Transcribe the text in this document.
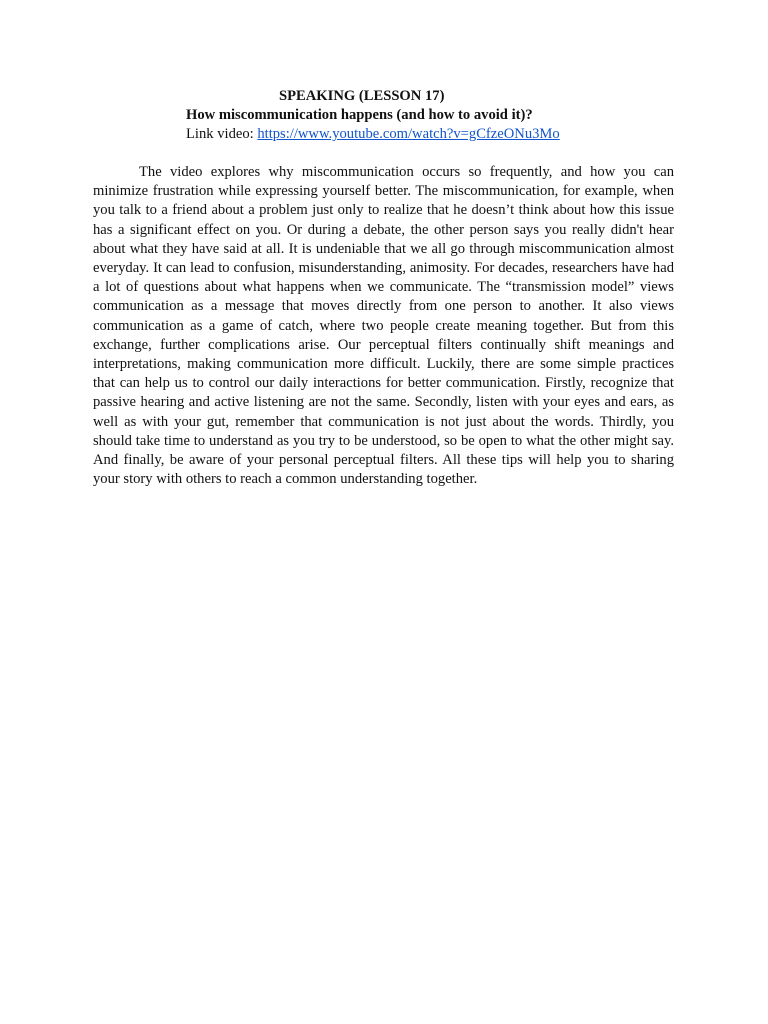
SPEAKING (LESSON 17)
How miscommunication happens (and how to avoid it)?
Link video: https://www.youtube.com/watch?v=gCfzeONu3Mo

The video explores why miscommunication occurs so frequently, and how you can minimize frustration while expressing yourself better. The miscommunication, for example, when you talk to a friend about a problem just only to realize that he doesn’t think about how this issue has a significant effect on you. Or during a debate, the other person says you really didn't hear about what they have said at all. It is undeniable that we all go through miscommunication almost everyday. It can lead to confusion, misunderstanding, animosity. For decades, researchers have had a lot of questions about what happens when we communicate. The “transmission model” views communication as a message that moves directly from one person to another. It also views communication as a game of catch, where two people create meaning together. But from this exchange, further complications arise. Our perceptual filters continually shift meanings and interpretations, making communication more difficult. Luckily, there are some simple practices that can help us to control our daily interactions for better communication. Firstly, recognize that passive hearing and active listening are not the same. Secondly, listen with your eyes and ears, as well as with your gut, remember that communication is not just about the words. Thirdly, you should take time to understand as you try to be understood, so be open to what the other might say. And finally, be aware of your personal perceptual filters. All these tips will help you to sharing your story with others to reach a common understanding together.
